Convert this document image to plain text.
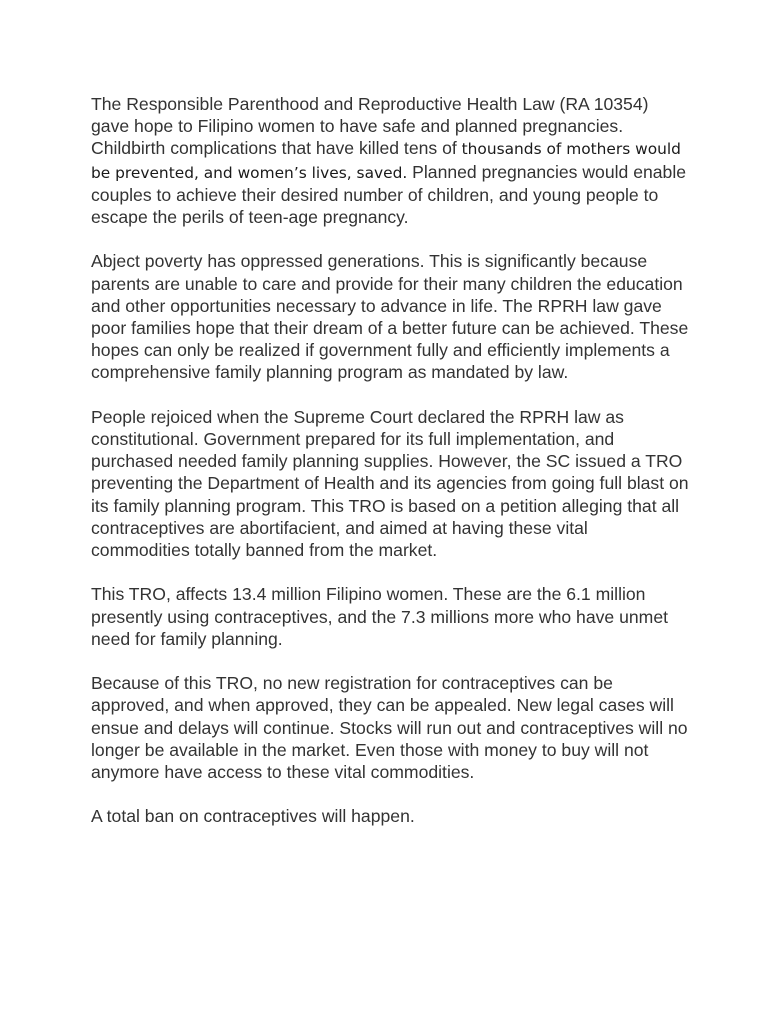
The Responsible Parenthood and Reproductive Health Law (RA 10354) gave hope to Filipino women to have safe and planned pregnancies. Childbirth complications that have killed tens of thousands of mothers would be prevented, and women’s lives, saved. Planned pregnancies would enable couples to achieve their desired number of children, and young people to escape the perils of teen-age pregnancy.

Abject poverty has oppressed generations. This is significantly because parents are unable to care and provide for their many children the education and other opportunities necessary to advance in life. The RPRH law gave poor families hope that their dream of a better future can be achieved. These hopes can only be realized if government fully and efficiently implements a comprehensive family planning program as mandated by law.

People rejoiced when the Supreme Court declared the RPRH law as constitutional. Government prepared for its full implementation, and purchased needed family planning supplies. However, the SC issued a TRO preventing the Department of Health and its agencies from going full blast on its family planning program. This TRO is based on a petition alleging that all contraceptives are abortifacient, and aimed at having these vital commodities totally banned from the market.

This TRO, affects 13.4 million Filipino women. These are the 6.1 million presently using contraceptives, and the 7.3 millions more who have unmet need for family planning.

Because of this TRO, no new registration for contraceptives can be approved, and when approved, they can be appealed. New legal cases will ensue and delays will continue. Stocks will run out and contraceptives will no longer be available in the market. Even those with money to buy will not anymore have access to these vital commodities.

A total ban on contraceptives will happen.
